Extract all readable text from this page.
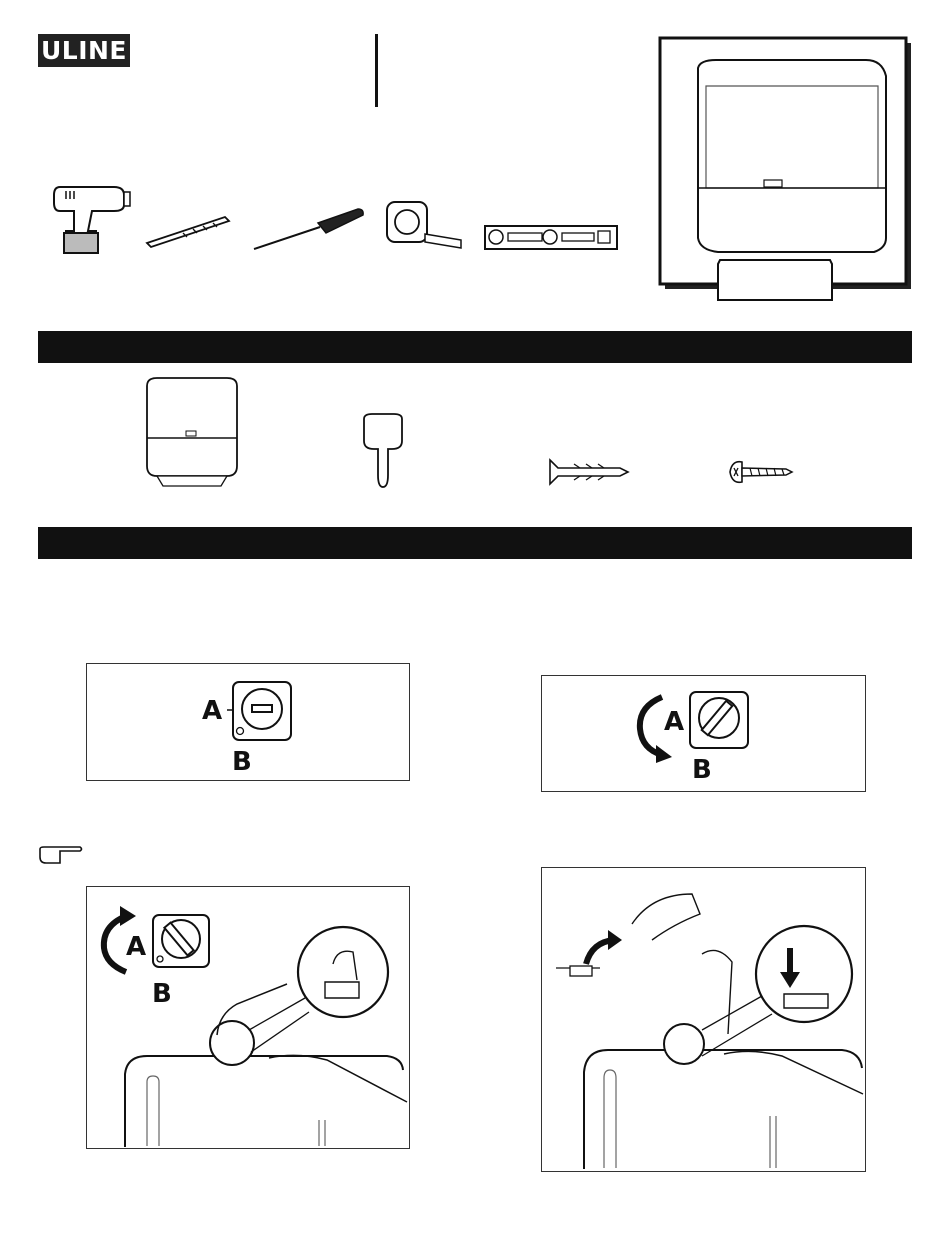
ULINE
A
B
A
B
A
B
